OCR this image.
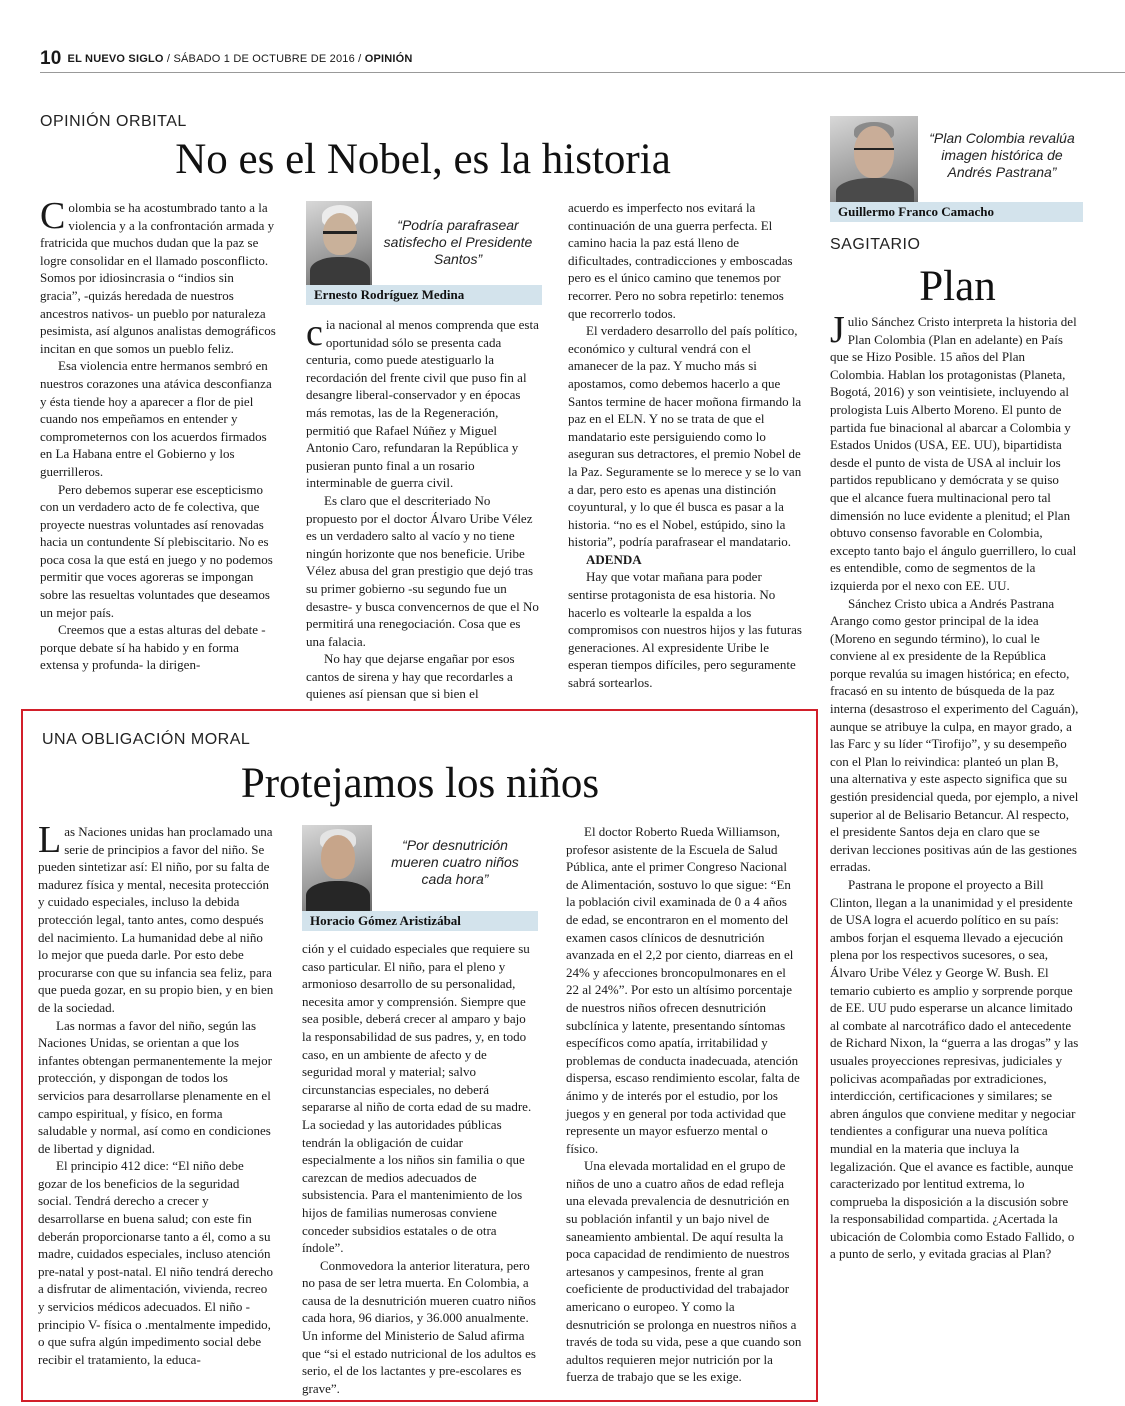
10 EL NUEVO SIGLO / SÁBADO 1 DE OCTUBRE DE 2016 / OPINIÓN
OPINIÓN ORBITAL
No es el Nobel, es la historia

Colombia se ha acostumbrado tanto a la violencia y a la confrontación armada y fratricida que muchos dudan que la paz se logre consolidar en el llamado posconflicto. Somos por idiosincrasia o “indios sin gracia”, -quizás heredada de nuestros ancestros nativos- un pueblo por naturaleza pesimista, así algunos analistas demográficos incitan en que somos un pueblo feliz.

Esa violencia entre hermanos sembró en nuestros corazones una atávica desconfianza y ésta tiende hoy a aparecer a flor de piel cuando nos empeñamos en entender y comprometernos con los acuerdos firmados en La Habana entre el Gobierno y los guerrilleros.

Pero debemos superar ese escepticismo con un verdadero acto de fe colectiva, que proyecte nuestras voluntades así renovadas hacia un contundente Sí plebiscitario. No es poca cosa la que está en juego y no podemos permitir que voces agoreras se impongan sobre las resueltas voluntades que deseamos un mejor país.

Creemos que a estas alturas del debate -porque debate sí ha habido y en forma extensa y profunda- la dirigen-

“Podría parafrasear satisfecho el Presidente Santos”
Ernesto Rodríguez Medina

cia nacional al menos comprenda que esta oportunidad sólo se presenta cada centuria, como puede atestiguarlo la recordación del frente civil que puso fin al desangre liberal-conservador y en épocas más remotas, las de la Regeneración, permitió que Rafael Núñez y Miguel Antonio Caro, refundaran la República y pusieran punto final a un rosario interminable de guerra civil.

Es claro que el descriteriado No propuesto por el doctor Álvaro Uribe Vélez es un verdadero salto al vacío y no tiene ningún horizonte que nos beneficie. Uribe Vélez abusa del gran prestigio que dejó tras su primer gobierno -su segundo fue un desastre- y busca convencernos de que el No permitirá una renegociación. Cosa que es una falacia.

No hay que dejarse engañar por esos cantos de sirena y hay que recordarles a quienes así piensan que si bien el

acuerdo es imperfecto nos evitará la continuación de una guerra perfecta. El camino hacia la paz está lleno de dificultades, contradicciones y emboscadas pero es el único camino que tenemos por recorrer. Pero no sobra repetirlo: tenemos que recorrerlo todos.

El verdadero desarrollo del país político, económico y cultural vendrá con el amanecer de la paz. Y mucho más si apostamos, como debemos hacerlo a que Santos termine de hacer moñona firmando la paz en el ELN. Y no se trata de que el mandatario este persiguiendo como lo aseguran sus detractores, el premio Nobel de la Paz. Seguramente se lo merece y se lo van a dar, pero esto es apenas una distinción coyuntural, y lo que él busca es pasar a la historia. “no es el Nobel, estúpido, sino la historia”, podría parafrasear el mandatario.

ADENDA

Hay que votar mañana para poder sentirse protagonista de esa historia. No hacerlo es voltearle la espalda a los compromisos con nuestros hijos y las futuras generaciones. Al expresidente Uribe le esperan tiempos difíciles, pero seguramente sabrá sortearlos.

UNA OBLIGACIÓN MORAL
Protejamos los niños

Las Naciones unidas han proclamado una serie de principios a favor del niño. Se pueden sintetizar así: El niño, por su falta de madurez física y mental, necesita protección y cuidado especiales, incluso la debida protección legal, tanto antes, como después del nacimiento. La humanidad debe al niño lo mejor que pueda darle. Por esto debe procurarse con que su infancia sea feliz, para que pueda gozar, en su propio bien, y en bien de la sociedad.

Las normas a favor del niño, según las Naciones Unidas, se orientan a que los infantes obtengan permanentemente la mejor protección, y dispongan de todos los servicios para desarrollarse plenamente en el campo espiritual, y físico, en forma saludable y normal, así como en condiciones de libertad y dignidad.

El principio 412 dice: “El niño debe gozar de los beneficios de la seguridad social. Tendrá derecho a crecer y desarrollarse en buena salud; con este fin deberán proporcionarse tanto a él, como a su madre, cuidados especiales, incluso atención pre-natal y post-natal. El niño tendrá derecho a disfrutar de alimentación, vivienda, recreo y servicios médicos adecuados. El niño -principio V- física o .mentalmente impedido, o que sufra algún impedimento social debe recibir el tratamiento, la educa-

“Por desnutrición mueren cuatro niños cada hora”
Horacio Gómez Aristizábal

ción y el cuidado especiales que requiere su caso particular. El niño, para el pleno y armonioso desarrollo de su personalidad, necesita amor y comprensión. Siempre que sea posible, deberá crecer al amparo y bajo la responsabilidad de sus padres, y, en todo caso, en un ambiente de afecto y de seguridad moral y material; salvo circunstancias especiales, no deberá separarse al niño de corta edad de su madre. La sociedad y las autoridades públicas tendrán la obligación de cuidar especialmente a los niños sin familia o que carezcan de medios adecuados de subsistencia. Para el mantenimiento de los hijos de familias numerosas conviene conceder subsidios estatales o de otra índole”.

Conmovedora la anterior literatura, pero no pasa de ser letra muerta. En Colombia, a causa de la desnutrición mueren cuatro niños cada hora, 96 diarios, y 36.000 anualmente. Un informe del Ministerio de Salud afirma que “si el estado nutricional de los adultos es serio, el de los lactantes y pre-escolares es grave”.

El doctor Roberto Rueda Williamson, profesor asistente de la Escuela de Salud Pública, ante el primer Congreso Nacional de Alimentación, sostuvo lo que sigue: “En la población civil examinada de 0 a 4 años de edad, se encontraron en el momento del examen casos clínicos de desnutrición avanzada en el 2,2 por ciento, diarreas en el 24% y afecciones broncopulmonares en el 22 al 24%”. Por esto un altísimo porcentaje de nuestros niños ofrecen desnutrición subclínica y latente, presentando síntomas específicos como apatía, irritabilidad y problemas de conducta inadecuada, atención dispersa, escaso rendimiento escolar, falta de ánimo y de interés por el estudio, por los juegos y en general por toda actividad que represente un mayor esfuerzo mental o físico.

Una elevada mortalidad en el grupo de niños de uno a cuatro años de edad refleja una elevada prevalencia de desnutrición en su población infantil y un bajo nivel de saneamiento ambiental. De aquí resulta la poca capacidad de rendimiento de nuestros artesanos y campesinos, frente al gran coeficiente de productividad del trabajador americano o europeo. Y como la desnutrición se prolonga en nuestros niños a través de toda su vida, pese a que cuando son adultos requieren mejor nutrición por la fuerza de trabajo que se les exige.

“Plan Colombia revalúa imagen histórica de Andrés Pastrana”
Guillermo Franco Camacho
SAGITARIO
Plan

Julio Sánchez Cristo interpreta la historia del Plan Colombia (Plan en adelante) en País que se Hizo Posible. 15 años del Plan Colombia. Hablan los protagonistas (Planeta, Bogotá, 2016) y son veintisiete, incluyendo al prologista Luis Alberto Moreno. El punto de partida fue binacional al abarcar a Colombia y Estados Unidos (USA, EE. UU), bipartidista desde el punto de vista de USA al incluir los partidos republicano y demócrata y se quiso que el alcance fuera multinacional pero tal dimensión no luce evidente a plenitud; el Plan obtuvo consenso favorable en Colombia, excepto tanto bajo el ángulo guerrillero, lo cual es entendible, como de segmentos de la izquierda por el nexo con EE. UU.

Sánchez Cristo ubica a Andrés Pastrana Arango como gestor principal de la idea (Moreno en segundo término), lo cual le conviene al ex presidente de la República porque revalúa su imagen histórica; en efecto, fracasó en su intento de búsqueda de la paz interna (desastroso el experimento del Caguán), aunque se atribuye la culpa, en mayor grado, a las Farc y su líder “Tirofijo”, y su desempeño con el Plan lo reivindica: planteó un plan B, una alternativa y este aspecto significa que su gestión presidencial queda, por ejemplo, a nivel superior al de Belisario Betancur. Al respecto, el presidente Santos deja en claro que se derivan lecciones positivas aún de las gestiones erradas.

Pastrana le propone el proyecto a Bill Clinton, llegan a la unanimidad y el presidente de USA logra el acuerdo político en su país: ambos forjan el esquema llevado a ejecución plena por los respectivos sucesores, o sea, Álvaro Uribe Vélez y George W. Bush. El temario cubierto es amplio y sorprende porque de EE. UU pudo esperarse un alcance limitado al combate al narcotráfico dado el antecedente de Richard Nixon, la “guerra a las drogas” y las usuales proyecciones represivas, judiciales y policivas acompañadas por extradiciones, interdicción, certificaciones y similares; se abren ángulos que conviene meditar y negociar tendientes a configurar una nueva política mundial en la materia que incluya la legalización. Que el avance es factible, aunque caracterizado por lentitud extrema, lo comprueba la disposición a la discusión sobre la responsabilidad compartida. ¿Acertada la ubicación de Colombia como Estado Fallido, o a punto de serlo, y evitada gracias al Plan?
